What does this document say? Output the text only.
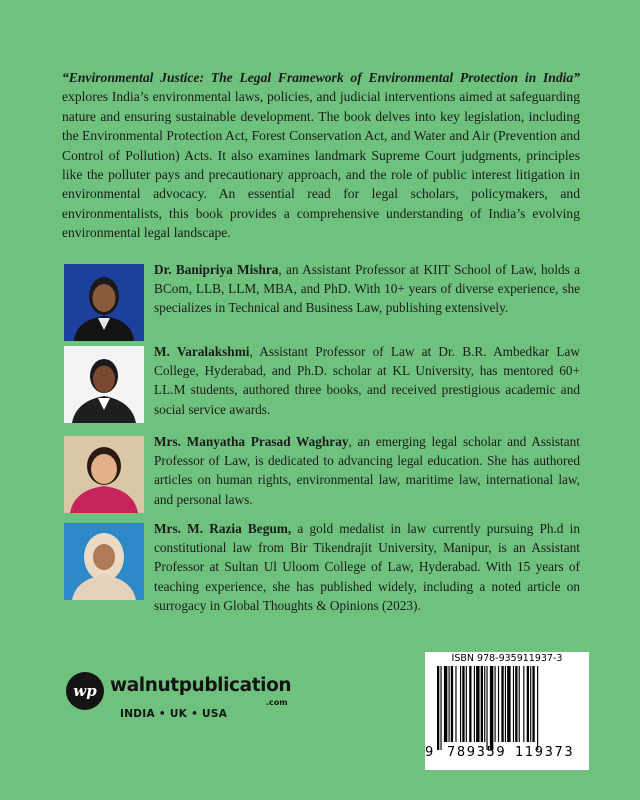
“Environmental Justice: The Legal Framework of Environmental Protection in India” explores India’s environmental laws, policies, and judicial interventions aimed at safeguarding nature and ensuring sustainable development. The book delves into key legislation, including the Environmental Protection Act, Forest Conservation Act, and Water and Air (Prevention and Control of Pollution) Acts. It also examines landmark Supreme Court judgments, principles like the polluter pays and precautionary approach, and the role of public interest litigation in environmental advocacy. An essential read for legal scholars, policymakers, and environmentalists, this book provides a comprehensive understanding of India’s evolving environmental legal landscape.

Dr. Banipriya Mishra, an Assistant Professor at KIIT School of Law, holds a BCom, LLB, LLM, MBA, and PhD. With 10+ years of diverse experience, she specializes in Technical and Business Law, publishing extensively.

M. Varalakshmi, Assistant Professor of Law at Dr. B.R. Ambedkar Law College, Hyderabad, and Ph.D. scholar at KL University, has mentored 60+ LL.M students, authored three books, and received prestigious academic and social service awards.

Mrs. Manyatha Prasad Waghray, an emerging legal scholar and Assistant Professor of Law, is dedicated to advancing legal education. She has authored articles on human rights, environmental law, maritime law, international law, and personal laws.

Mrs. M. Razia Begum, a gold medalist in law currently pursuing Ph.d in constitutional law from Bir Tikendrajit University, Manipur, is an Assistant Professor at Sultan Ul Uloom College of Law, Hyderabad. With 15 years of teaching experience, she has published widely, including a noted article on surrogacy in Global Thoughts & Opinions (2023).

wp walnutpublication
.com
INDIA • UK • USA
ISBN 978-935911937-3
9 789359 119373
